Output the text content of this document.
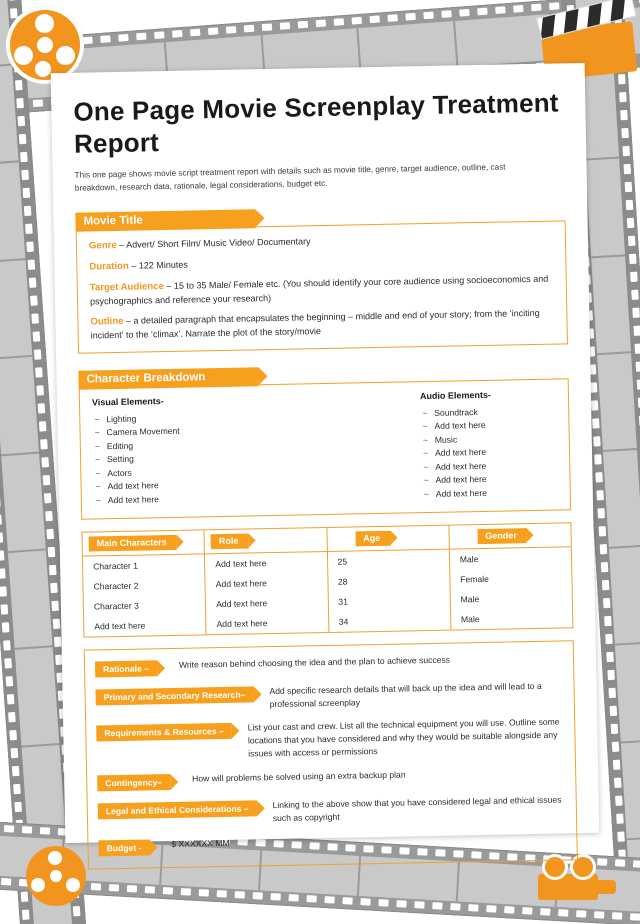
One Page Movie Screenplay Treatment Report

This one page shows movie script treatment report with details such as movie title, genre, target audience, outline, cast breakdown, research data, rationale, legal considerations, budget etc.

Movie Title

Genre – Advert/ Short Film/ Music Video/ Documentary

Duration – 122 Minutes

Target Audience – 15 to 35 Male/ Female etc. (You should identify your core audience using socioeconomics and psychographics and reference your research)

Outline – a detailed paragraph that encapsulates the beginning – middle and end of your story; from the ‘inciting incident’ to the ‘climax’. Narrate the plot of the story/movie

Character Breakdown
Visual Elements-
~ Lighting
~ Camera Movement
~ Editing
~ Setting
~ Actors
~ Add text here
~ Add text here
Audio Elements-
~ Soundtrack
~ Add text here
~ Music
~ Add text here
~ Add text here
~ Add text here
~ Add text here
Main Characters	Role	Age	Gender
Character 1	Add text here	25	Male
Character 2	Add text here	28	Female
Character 3	Add text here	31	Male
Add text here	Add text here	34	Male
Rationale –	Write reason behind choosing the idea and the plan to achieve success
Primary and Secondary Research–	Add specific research details that will back up the idea and will lead to a professional screenplay
Requirements & Resources –	List your cast and crew. List all the technical equipment you will use. Outline some locations that you have considered and why they would be suitable alongside any issues with access or permissions
Contingency–	How will problems be solved using an extra backup plan
Legal and Ethical Considerations –	Linking to the above show that you have considered legal and ethical issues such as copyright
Budget -	$ XXXXXX MM
